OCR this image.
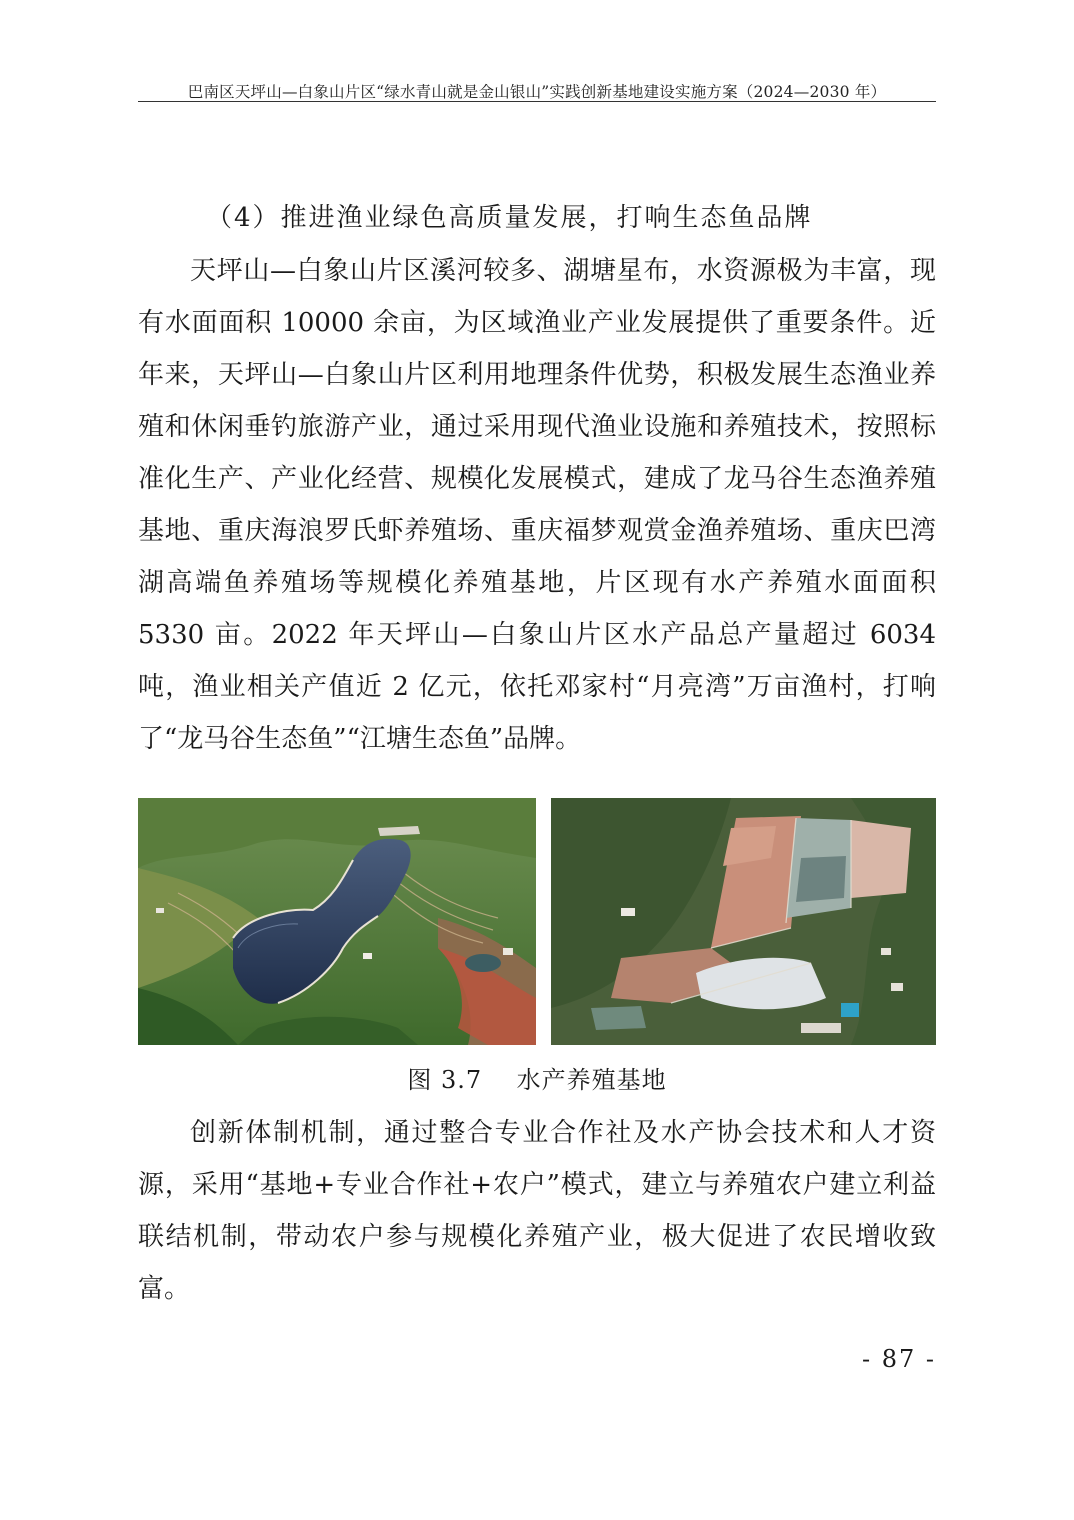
巴南区天坪山—白象山片区“绿水青山就是金山银山”实践创新基地建设实施方案（2024—2030 年）
（4）推进渔业绿色高质量发展，打响生态鱼品牌

天坪山—白象山片区溪河较多、湖塘星布，水资源极为丰富，现有水面面积 10000 余亩，为区域渔业产业发展提供了重要条件。近年来，天坪山—白象山片区利用地理条件优势，积极发展生态渔业养殖和休闲垂钓旅游产业，通过采用现代渔业设施和养殖技术，按照标准化生产、产业化经营、规模化发展模式，建成了龙马谷生态渔养殖基地、重庆海浪罗氏虾养殖场、重庆福梦观赏金渔养殖场、重庆巴湾湖高端鱼养殖场等规模化养殖基地，片区现有水产养殖水面面积 5330 亩。2022 年天坪山—白象山片区水产品总产量超过 6034 吨，渔业相关产值近 2 亿元，依托邓家村“月亮湾”万亩渔村，打响了“龙马谷生态鱼”“江塘生态鱼”品牌。

图 3.7    水产养殖基地

创新体制机制，通过整合专业合作社及水产协会技术和人才资源，采用“基地+专业合作社+农户”模式，建立与养殖农户建立利益联结机制，带动农户参与规模化养殖产业，极大促进了农民增收致富。

- 87 -
